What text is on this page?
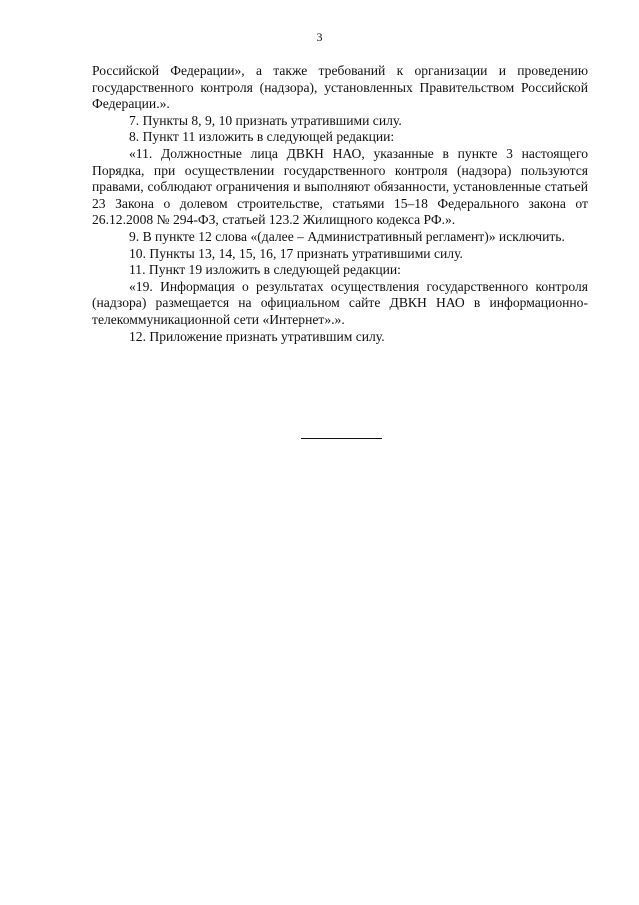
3

Российской Федерации», а также требований к организации и проведению государственного контроля (надзора), установленных Правительством Российской Федерации.».

7. Пункты 8, 9, 10 признать утратившими силу.

8. Пункт 11 изложить в следующей редакции:

«11. Должностные лица ДВКН НАО, указанные в пункте 3 настоящего Порядка, при осуществлении государственного контроля (надзора) пользуются правами, соблюдают ограничения и выполняют обязанности, установленные статьей 23 Закона о долевом строительстве, статьями 15–18 Федерального закона от 26.12.2008 № 294-ФЗ, статьей 123.2 Жилищного кодекса РФ.».

9. В пункте 12 слова «(далее – Административный регламент)» исключить.

10. Пункты 13, 14, 15, 16, 17 признать утратившими силу.

11. Пункт 19 изложить в следующей редакции:

«19. Информация о результатах осуществления государственного контроля (надзора) размещается на официальном сайте ДВКН НАО в информационно-телекоммуникационной сети «Интернет».».

12. Приложение признать утратившим силу.
